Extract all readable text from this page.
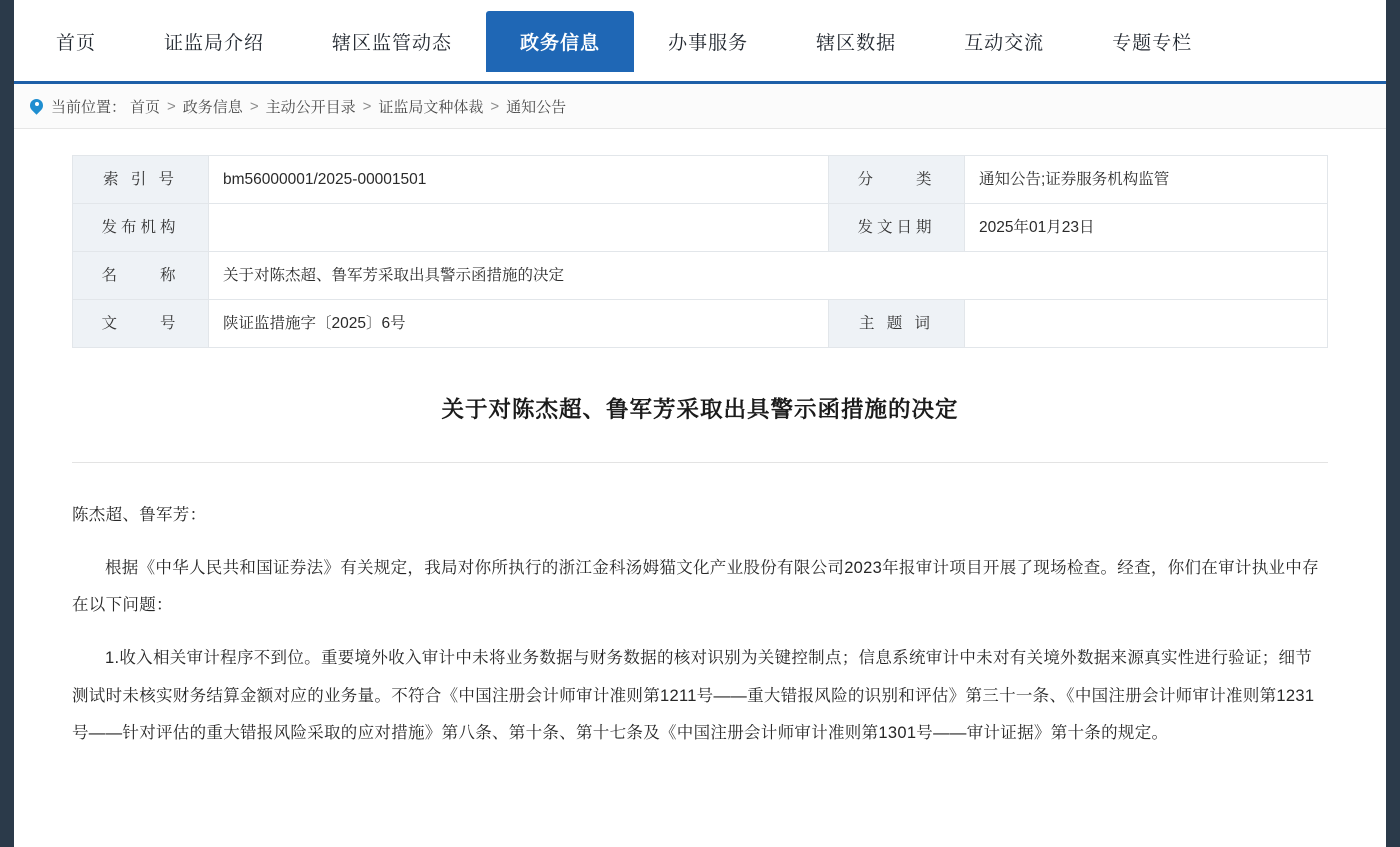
首页	证监局介绍	辖区监管动态	政务信息	办事服务	辖区数据	互动交流	专题专栏
当前位置： 首页 > 政务信息 > 主动公开目录 > 证监局文种体裁 > 通知公告
索 引 号	bm56000001/2025-00001501	分　　类	通知公告;证券服务机构监管
发布机构		发文日期	2025年01月23日
名　　称	关于对陈杰超、鲁军芳采取出具警示函措施的决定		
文　　号	陕证监措施字〔2025〕6号	主 题 词	
关于对陈杰超、鲁军芳采取出具警示函措施的决定

陈杰超、鲁军芳：

根据《中华人民共和国证券法》有关规定，我局对你所执行的浙江金科汤姆猫文化产业股份有限公司2023年报审计项目开展了现场检查。经查，你们在审计执业中存在以下问题：

1.收入相关审计程序不到位。重要境外收入审计中未将业务数据与财务数据的核对识别为关键控制点；信息系统审计中未对有关境外数据来源真实性进行验证；细节测试时未核实财务结算金额对应的业务量。不符合《中国注册会计师审计准则第1211号——重大错报风险的识别和评估》第三十一条、《中国注册会计师审计准则第1231号——针对评估的重大错报风险采取的应对措施》第八条、第十条、第十七条及《中国注册会计师审计准则第1301号——审计证据》第十条的规定。
